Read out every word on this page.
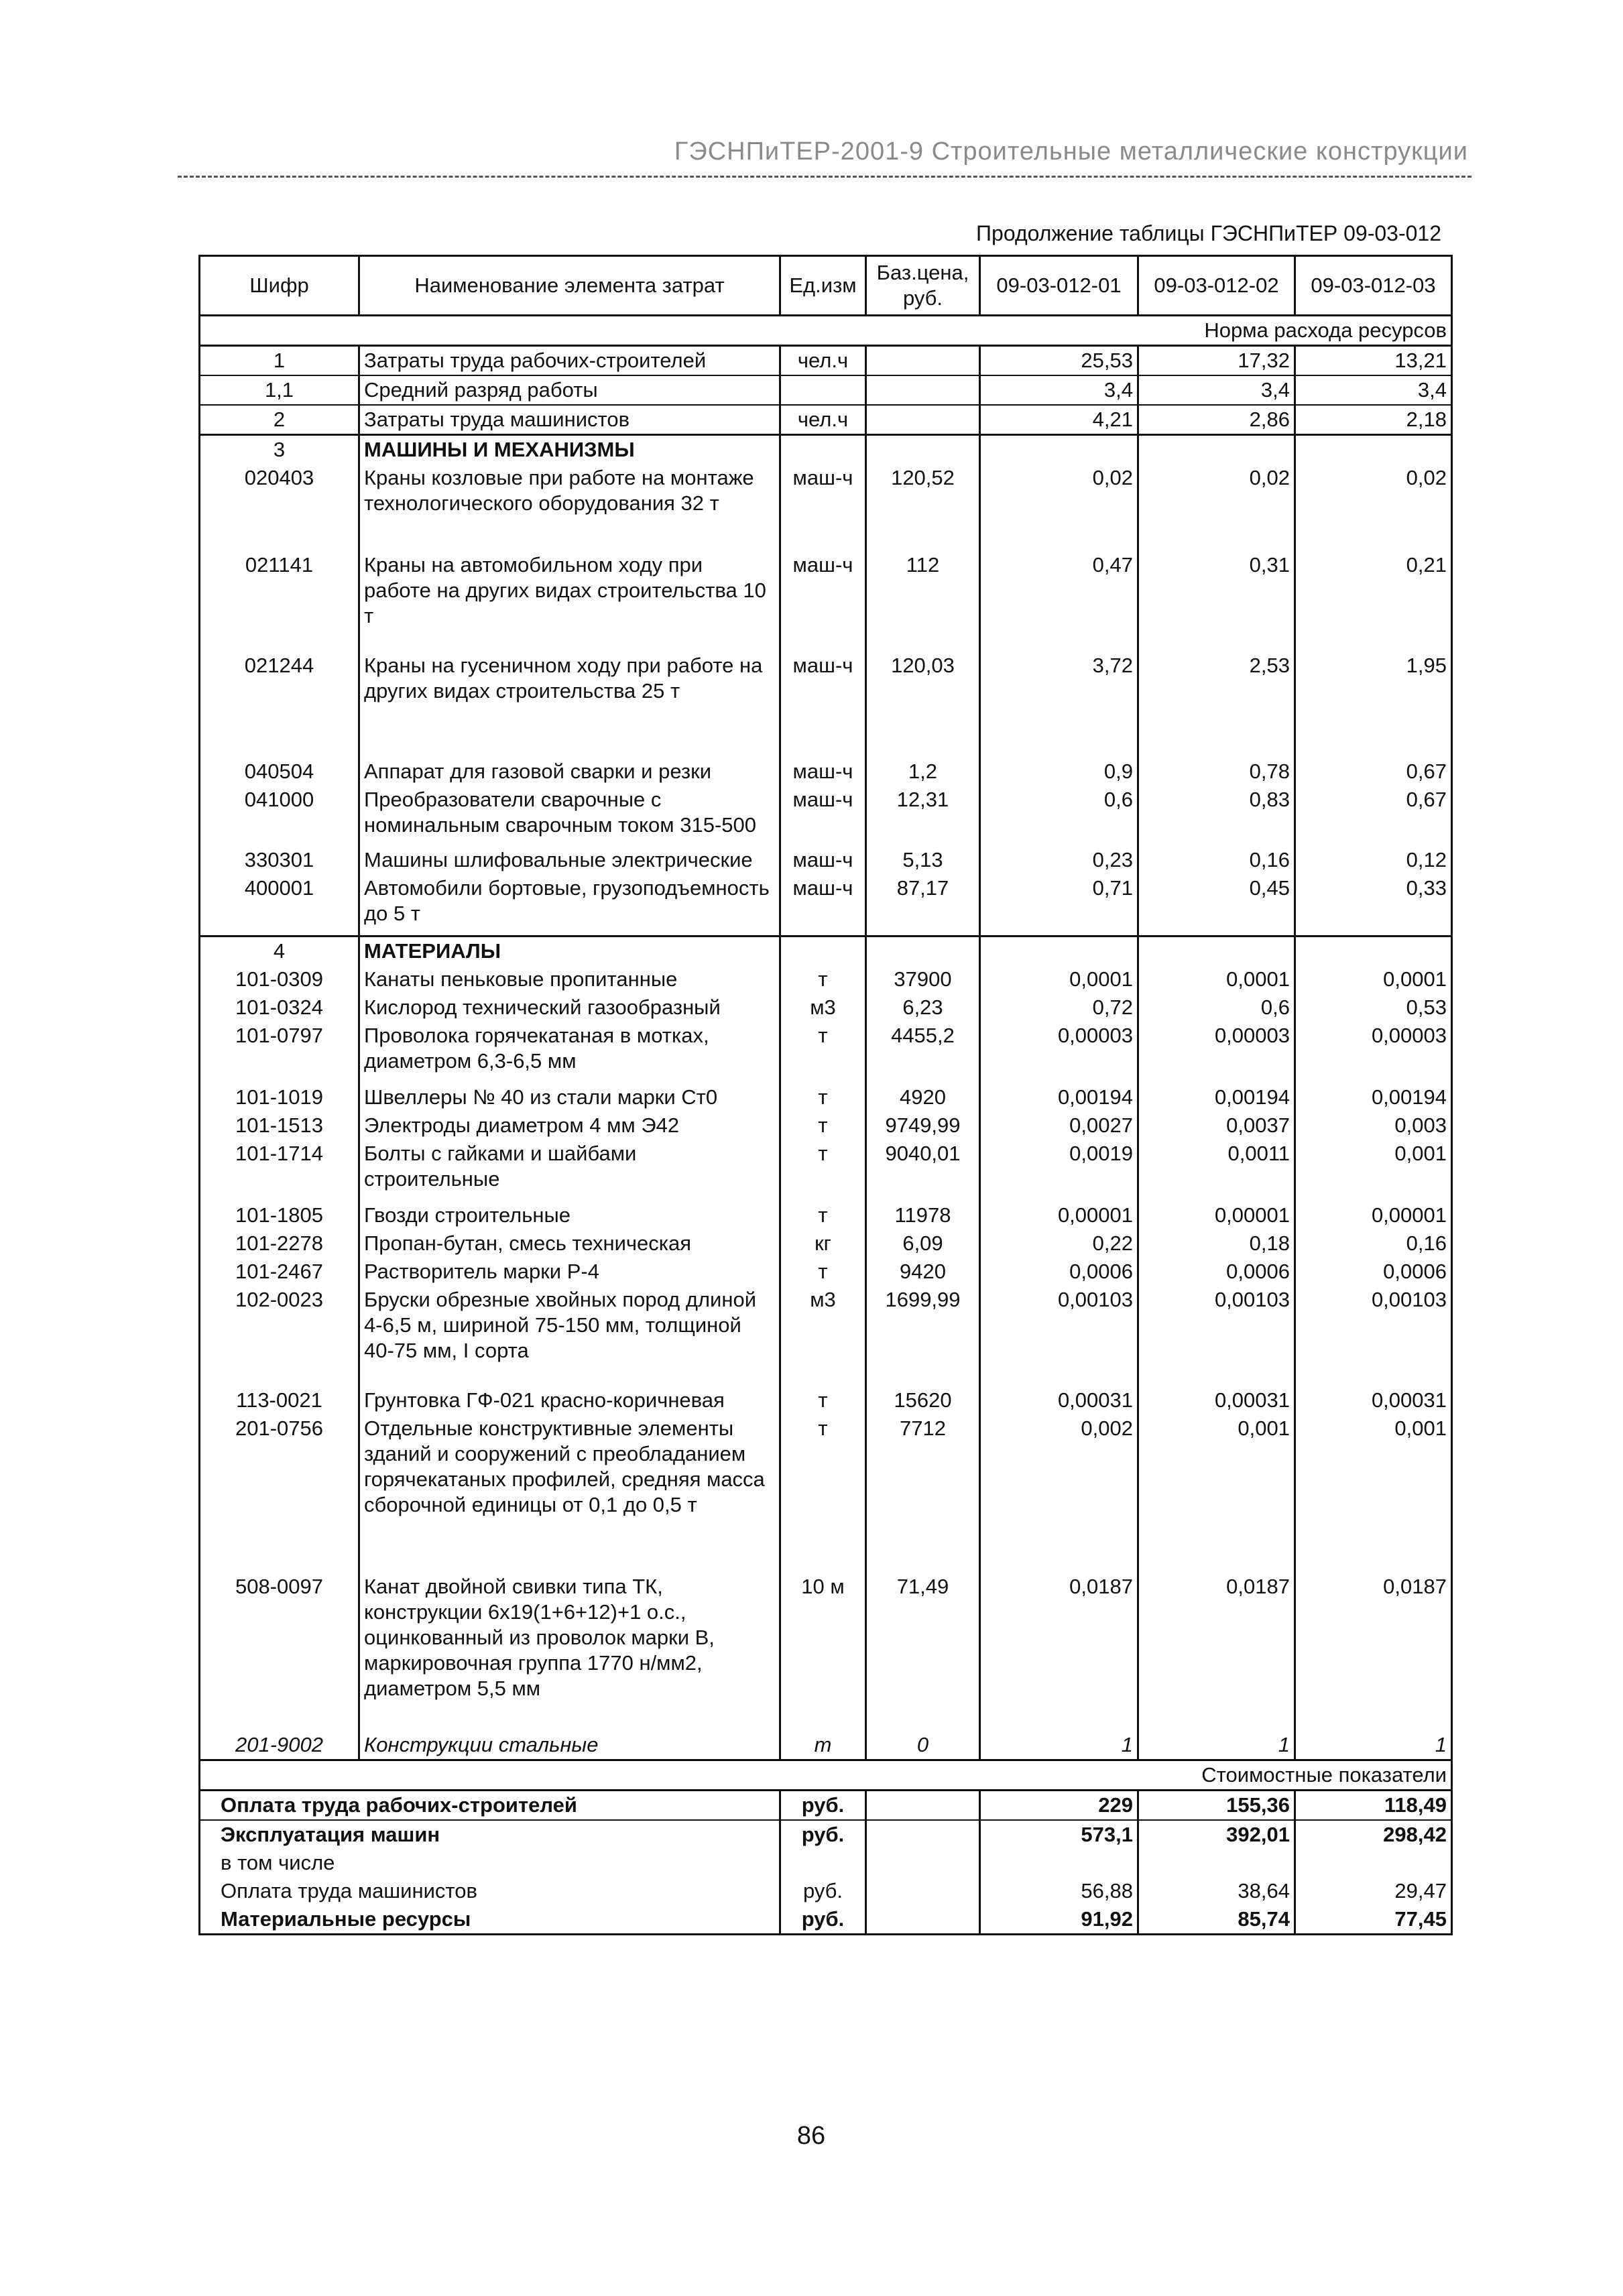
ГЭСНПиТЕР-2001-9 Строительные металлические конструкции
Продолжение таблицы ГЭСНПиТЕР 09-03-012
Шифр	Наименование элемента затрат	Ед.изм	Баз.цена, руб.	09-03-012-01	09-03-012-02	09-03-012-03
				Норма расхода ресурсов		
1	Затраты труда рабочих-строителей	чел.ч		25,53	17,32	13,21
1,1	Средний разряд работы			3,4	3,4	3,4
2	Затраты труда машинистов	чел.ч		4,21	2,86	2,18
3	МАШИНЫ И МЕХАНИЗМЫ					
020403	Краны козловые при работе на монтаже технологического оборудования 32 т	маш-ч	120,52	0,02	0,02	0,02
021141	Краны на автомобильном ходу при работе на других видах строительства 10 т	маш-ч	112	0,47	0,31	0,21
021244	Краны на гусеничном ходу при работе на других видах строительства 25 т	маш-ч	120,03	3,72	2,53	1,95
040504	Аппарат для газовой сварки и резки	маш-ч	1,2	0,9	0,78	0,67
041000	Преобразователи сварочные с номинальным сварочным током 315-500	маш-ч	12,31	0,6	0,83	0,67
330301	Машины шлифовальные электрические	маш-ч	5,13	0,23	0,16	0,12
400001	Автомобили бортовые, грузоподъемность до 5 т	маш-ч	87,17	0,71	0,45	0,33
4	МАТЕРИАЛЫ					
101-0309	Канаты пеньковые пропитанные	т	37900	0,0001	0,0001	0,0001
101-0324	Кислород технический газообразный	м3	6,23	0,72	0,6	0,53
101-0797	Проволока горячекатаная в мотках, диаметром 6,3-6,5 мм	т	4455,2	0,00003	0,00003	0,00003
101-1019	Швеллеры № 40 из стали марки Ст0	т	4920	0,00194	0,00194	0,00194
101-1513	Электроды диаметром 4 мм Э42	т	9749,99	0,0027	0,0037	0,003
101-1714	Болты с гайками и шайбами строительные	т	9040,01	0,0019	0,0011	0,001
101-1805	Гвозди строительные	т	11978	0,00001	0,00001	0,00001
101-2278	Пропан-бутан, смесь техническая	кг	6,09	0,22	0,18	0,16
101-2467	Растворитель марки Р-4	т	9420	0,0006	0,0006	0,0006
102-0023	Бруски обрезные хвойных пород длиной 4-6,5 м, шириной 75-150 мм, толщиной 40-75 мм, I сорта	м3	1699,99	0,00103	0,00103	0,00103
113-0021	Грунтовка ГФ-021 красно-коричневая	т	15620	0,00031	0,00031	0,00031
201-0756	Отдельные конструктивные элементы зданий и сооружений с преобладанием горячекатаных профилей, средняя масса сборочной единицы от 0,1 до 0,5 т	т	7712	0,002	0,001	0,001
508-0097	Канат двойной свивки типа ТК, конструкции 6х19(1+6+12)+1 о.с., оцинкованный из проволок марки В, маркировочная группа 1770 н/мм2, диаметром 5,5 мм	10 м	71,49	0,0187	0,0187	0,0187
201-9002	Конструкции стальные	т	0	1	1	1
				Стоимостные показатели		
Оплата труда рабочих-строителей		руб.		229	155,36	118,49
Эксплуатация машин		руб.		573,1	392,01	298,42
в том числе						
Оплата труда машинистов		руб.		56,88	38,64	29,47
Материальные ресурсы		руб.		91,92	85,74	77,45
86
